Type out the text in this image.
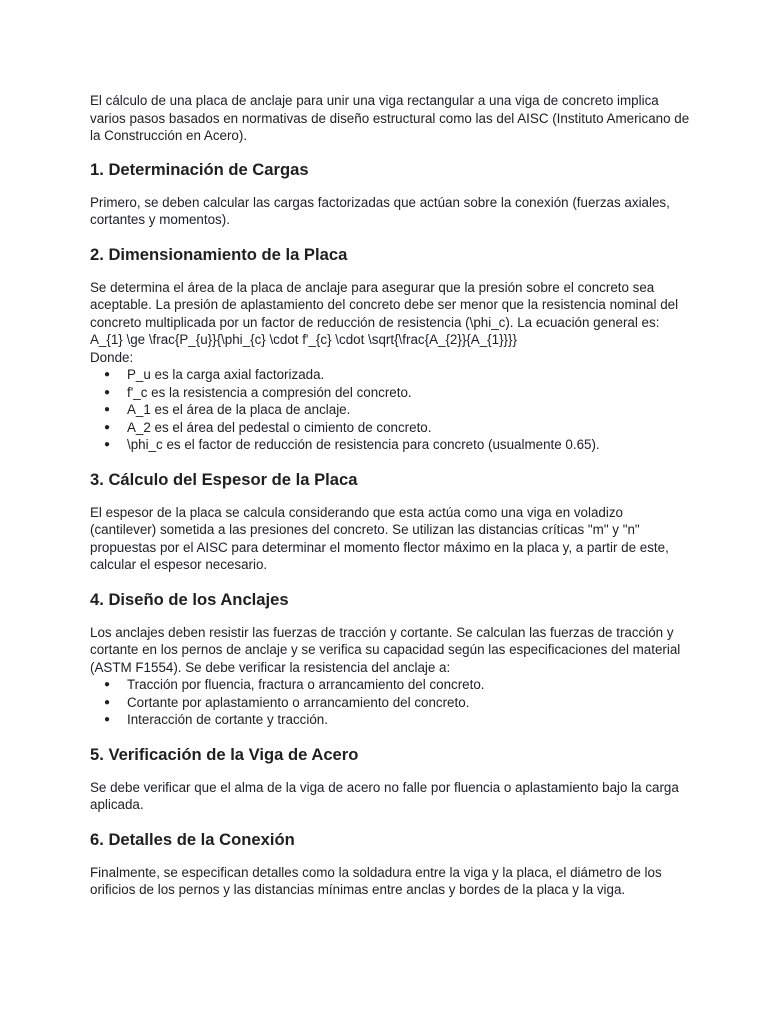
El cálculo de una placa de anclaje para unir una viga rectangular a una viga de concreto implica varios pasos basados en normativas de diseño estructural como las del AISC (Instituto Americano de la Construcción en Acero).

1. Determinación de Cargas

Primero, se deben calcular las cargas factorizadas que actúan sobre la conexión (fuerzas axiales, cortantes y momentos).

2. Dimensionamiento de la Placa

Se determina el área de la placa de anclaje para asegurar que la presión sobre el concreto sea aceptable. La presión de aplastamiento del concreto debe ser menor que la resistencia nominal del concreto multiplicada por un factor de reducción de resistencia (\phi_c). La ecuación general es:

A_{1} \ge \frac{P_{u}}{\phi_{c} \cdot f'_{c} \cdot \sqrt{\frac{A_{2}}{A_{1}}}}

Donde:

● P_u es la carga axial factorizada.
● f'_c es la resistencia a compresión del concreto.
● A_1 es el área de la placa de anclaje.
● A_2 es el área del pedestal o cimiento de concreto.
● \phi_c es el factor de reducción de resistencia para concreto (usualmente 0.65).
3. Cálculo del Espesor de la Placa

El espesor de la placa se calcula considerando que esta actúa como una viga en voladizo (cantilever) sometida a las presiones del concreto. Se utilizan las distancias críticas "m" y "n" propuestas por el AISC para determinar el momento flector máximo en la placa y, a partir de este, calcular el espesor necesario.

4. Diseño de los Anclajes

Los anclajes deben resistir las fuerzas de tracción y cortante. Se calculan las fuerzas de tracción y cortante en los pernos de anclaje y se verifica su capacidad según las especificaciones del material (ASTM F1554). Se debe verificar la resistencia del anclaje a:

● Tracción por fluencia, fractura o arrancamiento del concreto.
● Cortante por aplastamiento o arrancamiento del concreto.
● Interacción de cortante y tracción.
5. Verificación de la Viga de Acero

Se debe verificar que el alma de la viga de acero no falle por fluencia o aplastamiento bajo la carga aplicada.

6. Detalles de la Conexión

Finalmente, se especifican detalles como la soldadura entre la viga y la placa, el diámetro de los orificios de los pernos y las distancias mínimas entre anclas y bordes de la placa y la viga.
